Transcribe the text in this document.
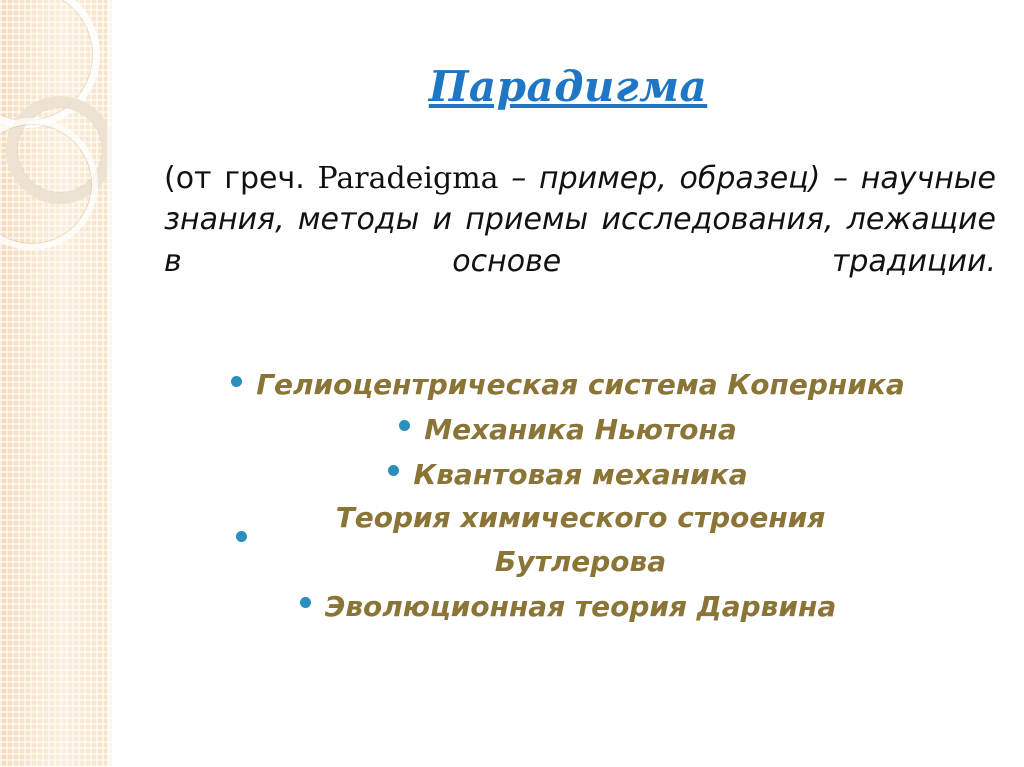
Парадигма
(от греч. Paradeigma – пример, образец) – научные знания, методы и приемы исследования, лежащие в основе традиции.
Гелиоцентрическая система Коперника
Механика Ньютона
Квантовая механика
Теория химического строения Бутлерова
Эволюционная теория Дарвина
